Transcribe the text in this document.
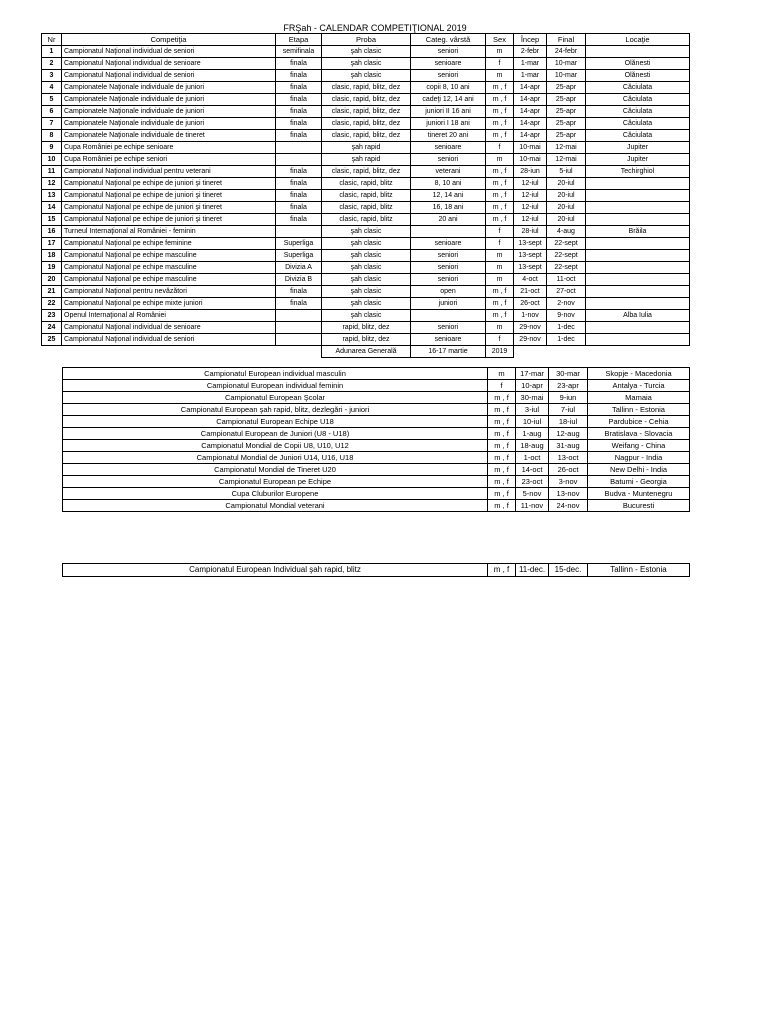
FRŞah - CALENDAR COMPETIŢIONAL 2019
Nr	Competiţia	Etapa	Proba	Categ. vârstă	Sex	Încep	Final	Locaţie
1	Campionatul Naţional individual de seniori	semifinala	şah clasic	seniori	m	2-febr	24-febr	
2	Campionatul Naţional individual de senioare	finala	şah clasic	senioare	f	1-mar	10-mar	Olănesti
3	Campionatul Naţional individual de seniori	finala	şah clasic	seniori	m	1-mar	10-mar	Olănesti
4	Campionatele Naţionale individuale de juniori	finala	clasic, rapid, blitz, dez	copii 8, 10 ani	m , f	14-apr	25-apr	Căciulata
5	Campionatele Naţionale individuale de juniori	finala	clasic, rapid, blitz, dez	cadeţi 12, 14 ani	m , f	14-apr	25-apr	Căciulata
6	Campionatele Naţionale individuale de juniori	finala	clasic, rapid, blitz, dez	juniori II 16 ani	m , f	14-apr	25-apr	Căciulata
7	Campionatele Naţionale individuale de juniori	finala	clasic, rapid, blitz, dez	juniori I 18 ani	m , f	14-apr	25-apr	Căciulata
8	Campionatele Naţionale individuale de tineret	finala	clasic, rapid, blitz, dez	tineret 20 ani	m , f	14-apr	25-apr	Căciulata
9	Cupa României pe echipe senioare		şah rapid	senioare	f	10-mai	12-mai	Jupiter
10	Cupa României pe echipe seniori		şah rapid	seniori	m	10-mai	12-mai	Jupiter
11	Campionatul Naţional individual pentru veterani	finala	clasic, rapid, blitz, dez	veterani	m , f	28-iun	5-iul	Techirghiol
12	Campionatul Naţional pe echipe de juniori şi tineret	finala	clasic, rapid, blitz	8, 10 ani	m , f	12-iul	20-iul	
13	Campionatul Naţional pe echipe de juniori şi tineret	finala	clasic, rapid, blitz	12, 14 ani	m , f	12-iul	20-iul	
14	Campionatul Naţional pe echipe de juniori şi tineret	finala	clasic, rapid, blitz	16, 18 ani	m , f	12-iul	20-iul	
15	Campionatul Naţional pe echipe de juniori şi tineret	finala	clasic, rapid, blitz	20 ani	m , f	12-iul	20-iul	
16	Turneul Internaţional al României - feminin		şah clasic		f	28-iul	4-aug	Brăila
17	Campionatul Naţional pe echipe feminine	Superliga	şah clasic	senioare	f	13-sept	22-sept	
18	Campionatul Naţional pe echipe masculine	Superliga	şah clasic	seniori	m	13-sept	22-sept	
19	Campionatul Naţional pe echipe masculine	Divizia A	şah clasic	seniori	m	13-sept	22-sept	
20	Campionatul Naţional pe echipe masculine	Divizia B	şah clasic	seniori	m	4-oct	11-oct	
21	Campionatul Naţional pentru nevăzători	finala	şah clasic	open	m , f	21-oct	27-oct	
22	Campionatul Naţional pe echipe mixte juniori	finala	şah clasic	juniori	m , f	26-oct	2-nov	
23	Openul Internaţional al României		şah clasic		m , f	1-nov	9-nov	Alba Iulia
24	Campionatul Naţional individual de senioare		rapid, blitz, dez	seniori	m	29-nov	1-dec	
25	Campionatul Naţional individual de seniori		rapid, blitz, dez	senioare	f	29-nov	1-dec	
			Adunarea Generală	16-17 martie	2019			
Campionatul European individual masculin	m	17-mar	30-mar	Skopje - Macedonia
Campionatul European individual feminin	f	10-apr	23-apr	Antalya - Turcia
Campionatul European Şcolar	m , f	30-mai	9-iun	Mamaia
Campionatul European şah rapid, blitz, dezlegări - juniori	m , f	3-iul	7-iul	Tallinn - Estonia
Campionatul European Echipe U18	m , f	10-iul	18-iul	Pardubice - Cehia
Campionatul European de Juniori (U8 - U18)	m , f	1-aug	12-aug	Bratislava - Slovacia
Campionatul Mondial de Copii U8, U10, U12	m , f	18-aug	31-aug	Weifang - China
Campionatul Mondial de Juniori U14, U16, U18	m , f	1-oct	13-oct	Nagpur - India
Campionatul Mondial de Tineret U20	m , f	14-oct	26-oct	New Delhi - India
Campionatul European pe Echipe	m , f	23-oct	3-nov	Batumi - Georgia
Cupa Cluburilor Europene	m , f	5-nov	13-nov	Budva - Muntenegru
Campionatul Mondial veterani	m , f	11-nov	24-nov	Bucuresti
Campionatul European Individual şah rapid, blitz	m , f	11-dec.	15-dec.	Tallinn - Estonia
